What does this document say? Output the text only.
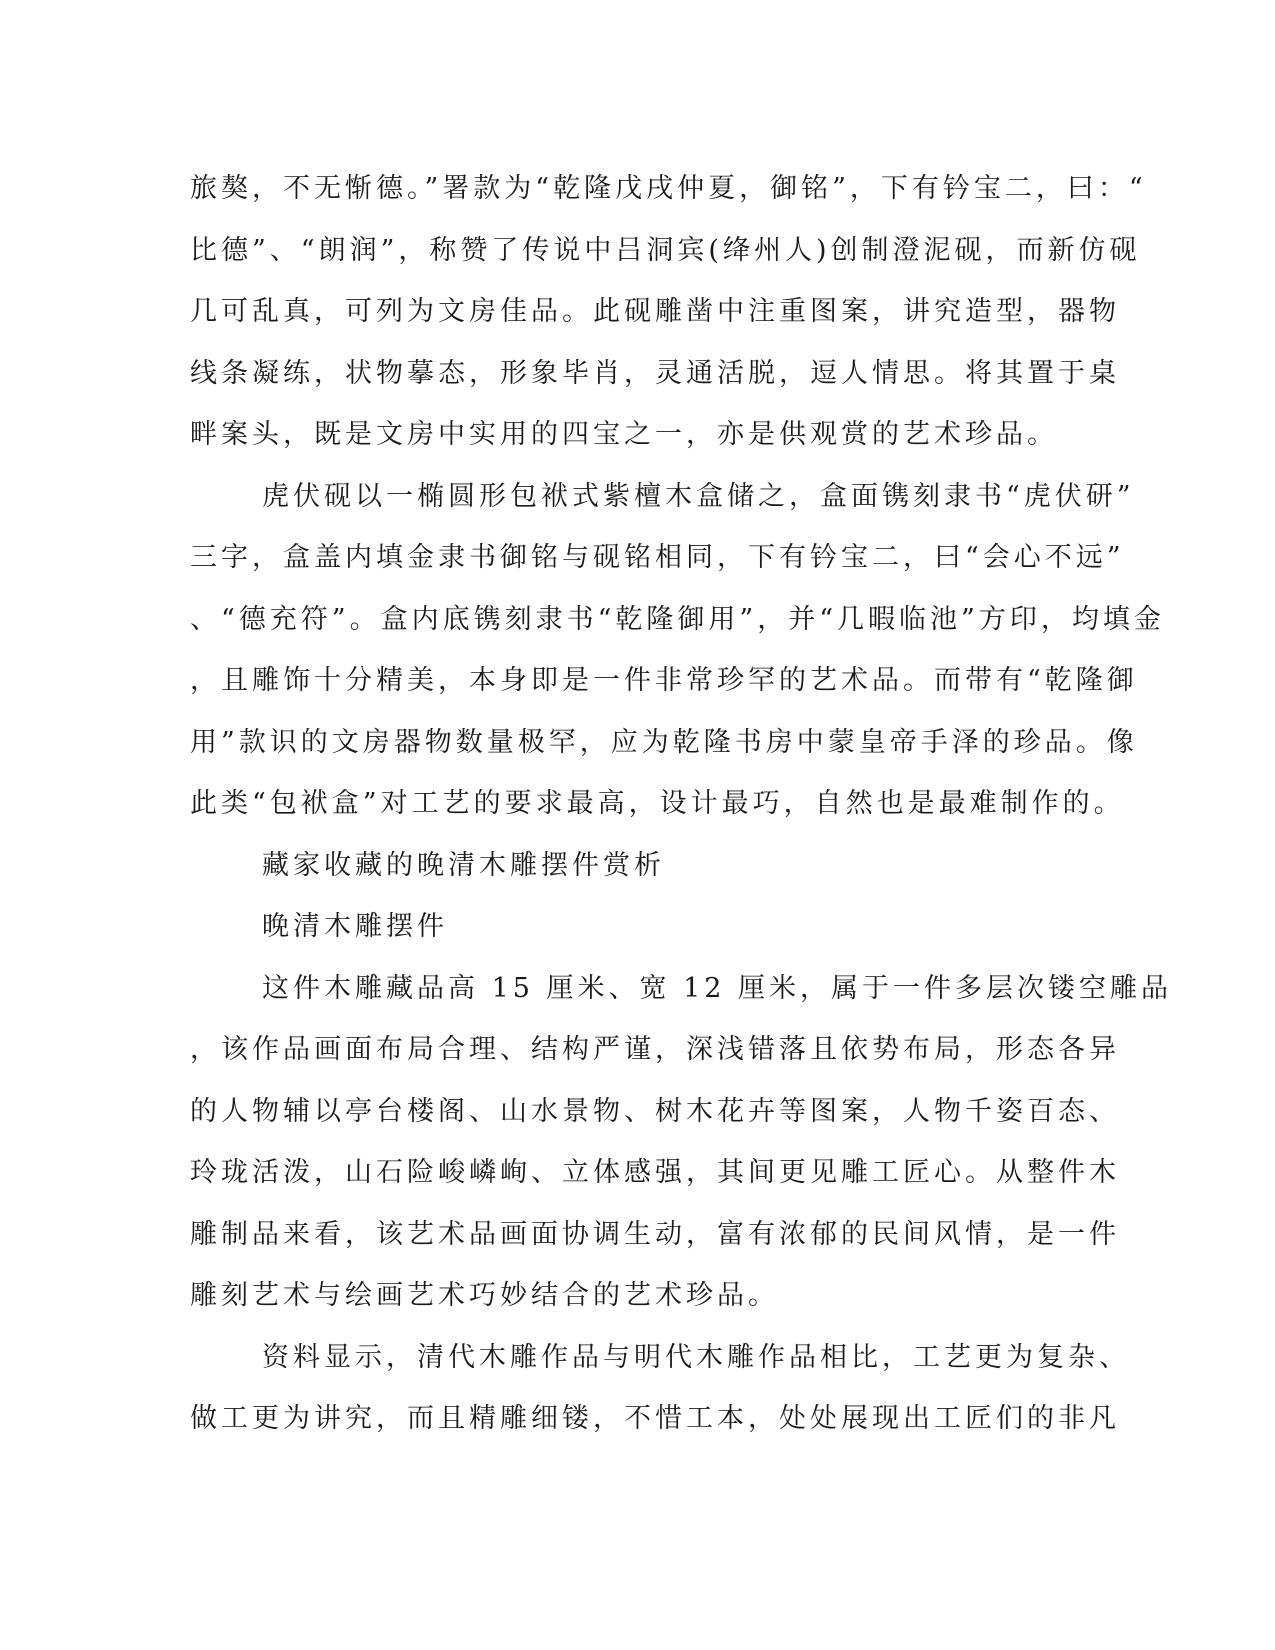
旅獒，不无惭德。”署款为“乾隆戊戌仲夏，御铭”，下有钤宝二，曰：“
比德”、“朗润”，称赞了传说中吕洞宾(绛州人)创制澄泥砚，而新仿砚
几可乱真，可列为文房佳品。此砚雕凿中注重图案，讲究造型，器物
线条凝练，状物摹态，形象毕肖，灵通活脱，逗人情思。将其置于桌
畔案头，既是文房中实用的四宝之一，亦是供观赏的艺术珍品。
虎伏砚以一椭圆形包袱式紫檀木盒储之，盒面镌刻隶书“虎伏研”
三字，盒盖内填金隶书御铭与砚铭相同，下有钤宝二，曰“会心不远”
、“德充符”。盒内底镌刻隶书“乾隆御用”，并“几暇临池”方印，均填金
，且雕饰十分精美，本身即是一件非常珍罕的艺术品。而带有“乾隆御
用”款识的文房器物数量极罕，应为乾隆书房中蒙皇帝手泽的珍品。像
此类“包袱盒”对工艺的要求最高，设计最巧，自然也是最难制作的。
藏家收藏的晚清木雕摆件赏析
晚清木雕摆件
这件木雕藏品高 15 厘米、宽 12 厘米，属于一件多层次镂空雕品
，该作品画面布局合理、结构严谨，深浅错落且依势布局，形态各异
的人物辅以亭台楼阁、山水景物、树木花卉等图案，人物千姿百态、
玲珑活泼，山石险峻嶙峋、立体感强，其间更见雕工匠心。从整件木
雕制品来看，该艺术品画面协调生动，富有浓郁的民间风情，是一件
雕刻艺术与绘画艺术巧妙结合的艺术珍品。
资料显示，清代木雕作品与明代木雕作品相比，工艺更为复杂、
做工更为讲究，而且精雕细镂，不惜工本，处处展现出工匠们的非凡
